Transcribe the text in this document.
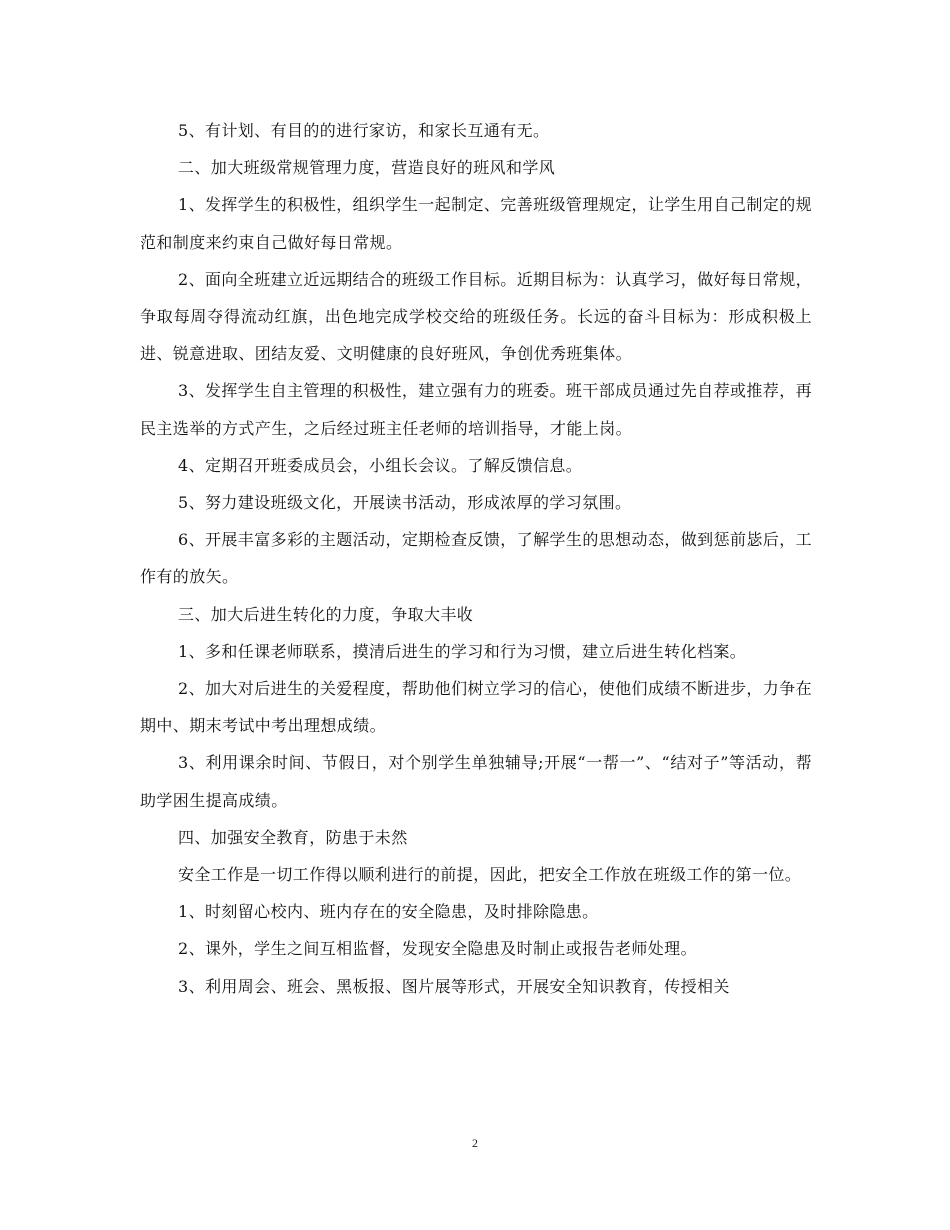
5、有计划、有目的的进行家访，和家长互通有无。

二、加大班级常规管理力度，营造良好的班风和学风

1、发挥学生的积极性，组织学生一起制定、完善班级管理规定，让学生用自己制定的规范和制度来约束自己做好每日常规。

2、面向全班建立近远期结合的班级工作目标。近期目标为：认真学习，做好每日常规，争取每周夺得流动红旗，出色地完成学校交给的班级任务。长远的奋斗目标为：形成积极上进、锐意进取、团结友爱、文明健康的良好班风，争创优秀班集体。

3、发挥学生自主管理的积极性，建立强有力的班委。班干部成员通过先自荐或推荐，再民主选举的方式产生，之后经过班主任老师的培训指导，才能上岗。

4、定期召开班委成员会，小组长会议。了解反馈信息。

5、努力建设班级文化，开展读书活动，形成浓厚的学习氛围。

6、开展丰富多彩的主题活动，定期检查反馈，了解学生的思想动态，做到惩前毖后，工作有的放矢。

三、加大后进生转化的力度，争取大丰收

1、多和任课老师联系，摸清后进生的学习和行为习惯，建立后进生转化档案。

2、加大对后进生的关爱程度，帮助他们树立学习的信心，使他们成绩不断进步，力争在期中、期末考试中考出理想成绩。

3、利用课余时间、节假日，对个别学生单独辅导;开展“一帮一”、“结对子”等活动，帮助学困生提高成绩。

四、加强安全教育，防患于未然

安全工作是一切工作得以顺利进行的前提，因此，把安全工作放在班级工作的第一位。

1、时刻留心校内、班内存在的安全隐患，及时排除隐患。

2、课外，学生之间互相监督，发现安全隐患及时制止或报告老师处理。

3、利用周会、班会、黑板报、图片展等形式，开展安全知识教育，传授相关

2
